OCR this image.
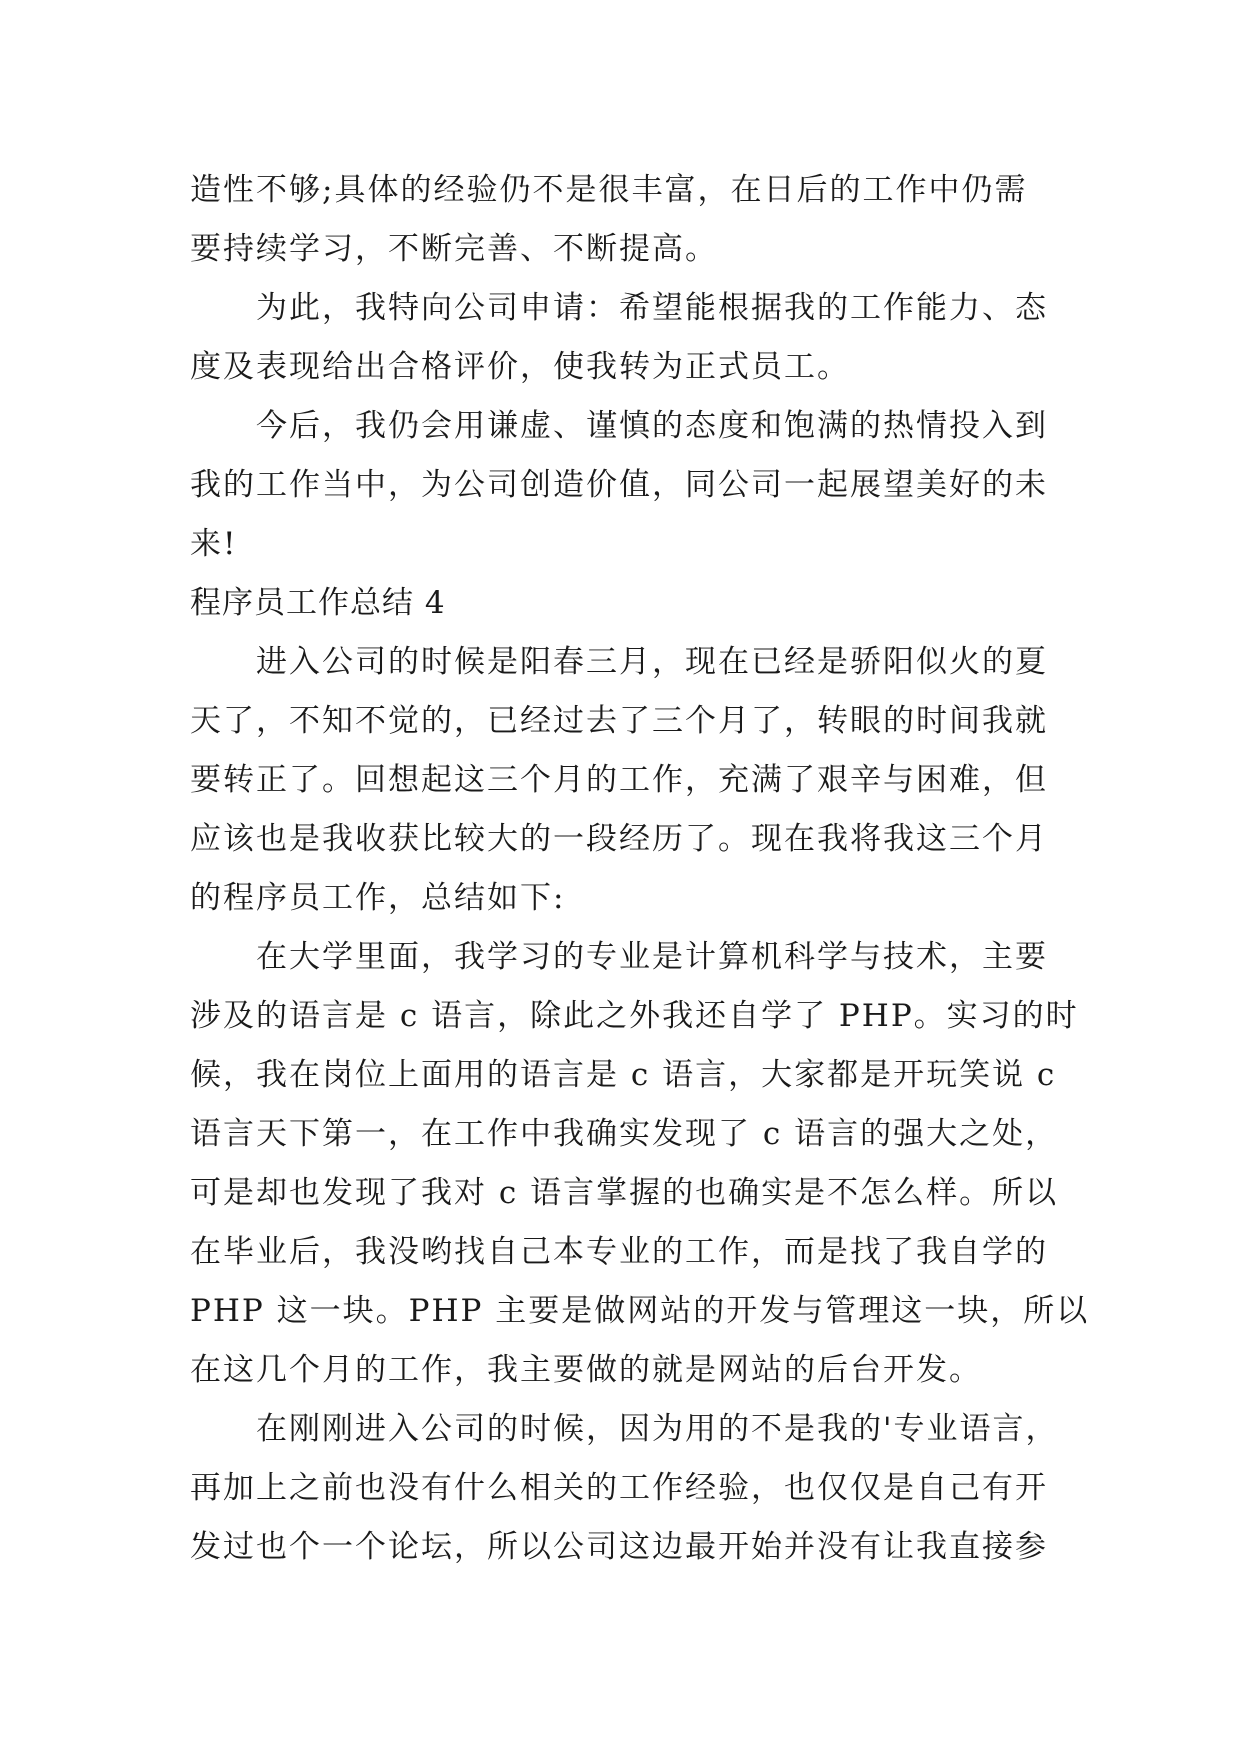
造性不够;具体的经验仍不是很丰富，在日后的工作中仍需
要持续学习，不断完善、不断提高。
为此，我特向公司申请：希望能根据我的工作能力、态
度及表现给出合格评价，使我转为正式员工。
今后，我仍会用谦虚、谨慎的态度和饱满的热情投入到
我的工作当中，为公司创造价值，同公司一起展望美好的未
来!
程序员工作总结 4
进入公司的时候是阳春三月，现在已经是骄阳似火的夏
天了，不知不觉的，已经过去了三个月了，转眼的时间我就
要转正了。回想起这三个月的工作，充满了艰辛与困难，但
应该也是我收获比较大的一段经历了。现在我将我这三个月
的程序员工作，总结如下:
在大学里面，我学习的专业是计算机科学与技术，主要
涉及的语言是 c 语言，除此之外我还自学了 PHP。实习的时
候，我在岗位上面用的语言是 c 语言，大家都是开玩笑说 c
语言天下第一，在工作中我确实发现了 c 语言的强大之处，
可是却也发现了我对 c 语言掌握的也确实是不怎么样。所以
在毕业后，我没哟找自己本专业的工作，而是找了我自学的
PHP 这一块。PHP 主要是做网站的开发与管理这一块，所以
在这几个月的工作，我主要做的就是网站的后台开发。
在刚刚进入公司的时候，因为用的不是我的'专业语言，
再加上之前也没有什么相关的工作经验，也仅仅是自己有开
发过也个一个论坛，所以公司这边最开始并没有让我直接参
